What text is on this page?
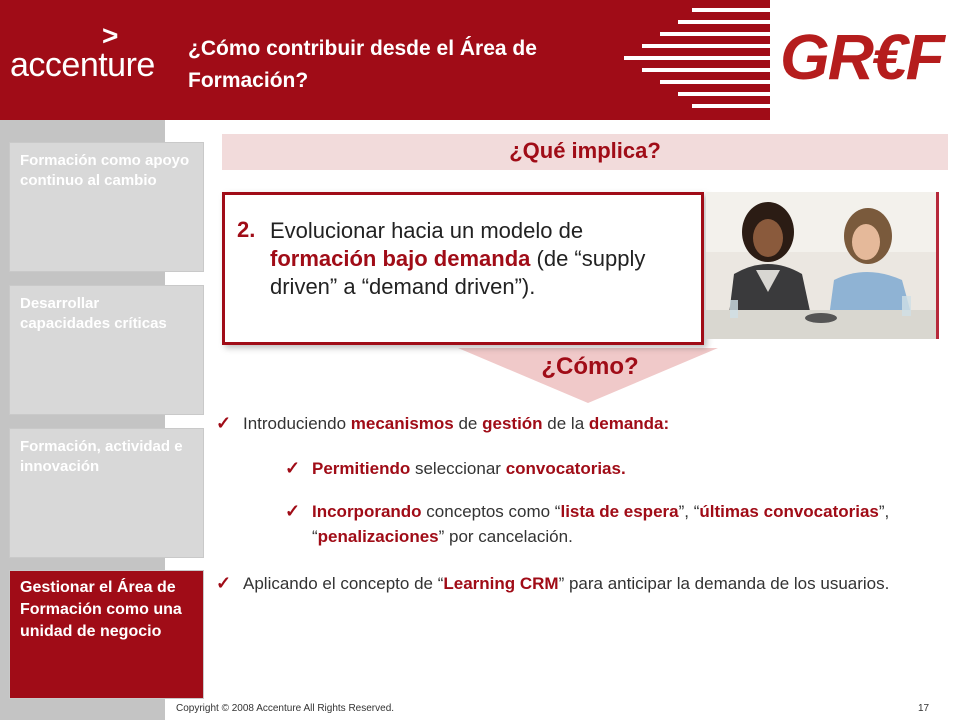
>
accenture ¿Cómo contribuir desde el Área de Formación?	GR€F
Formación como apoyo continuo al cambio
Desarrollar capacidades críticas
Formación, actividad e innovación
Gestionar el Área de Formación como una unidad de negocio
¿Qué implica?
2. Evolucionar hacia un modelo de formación bajo demanda (de “supply driven” a “demand driven”).
¿Cómo?
✓ Introduciendo mecanismos de gestión de la demanda:
✓ Permitiendo seleccionar convocatorias.
✓ Incorporando conceptos como “lista de espera”, “últimas convocatorias”, “penalizaciones” por cancelación.
✓ Aplicando el concepto de “Learning CRM” para anticipar la demanda de los usuarios.
Copyright © 2008 Accenture All Rights Reserved.	17
